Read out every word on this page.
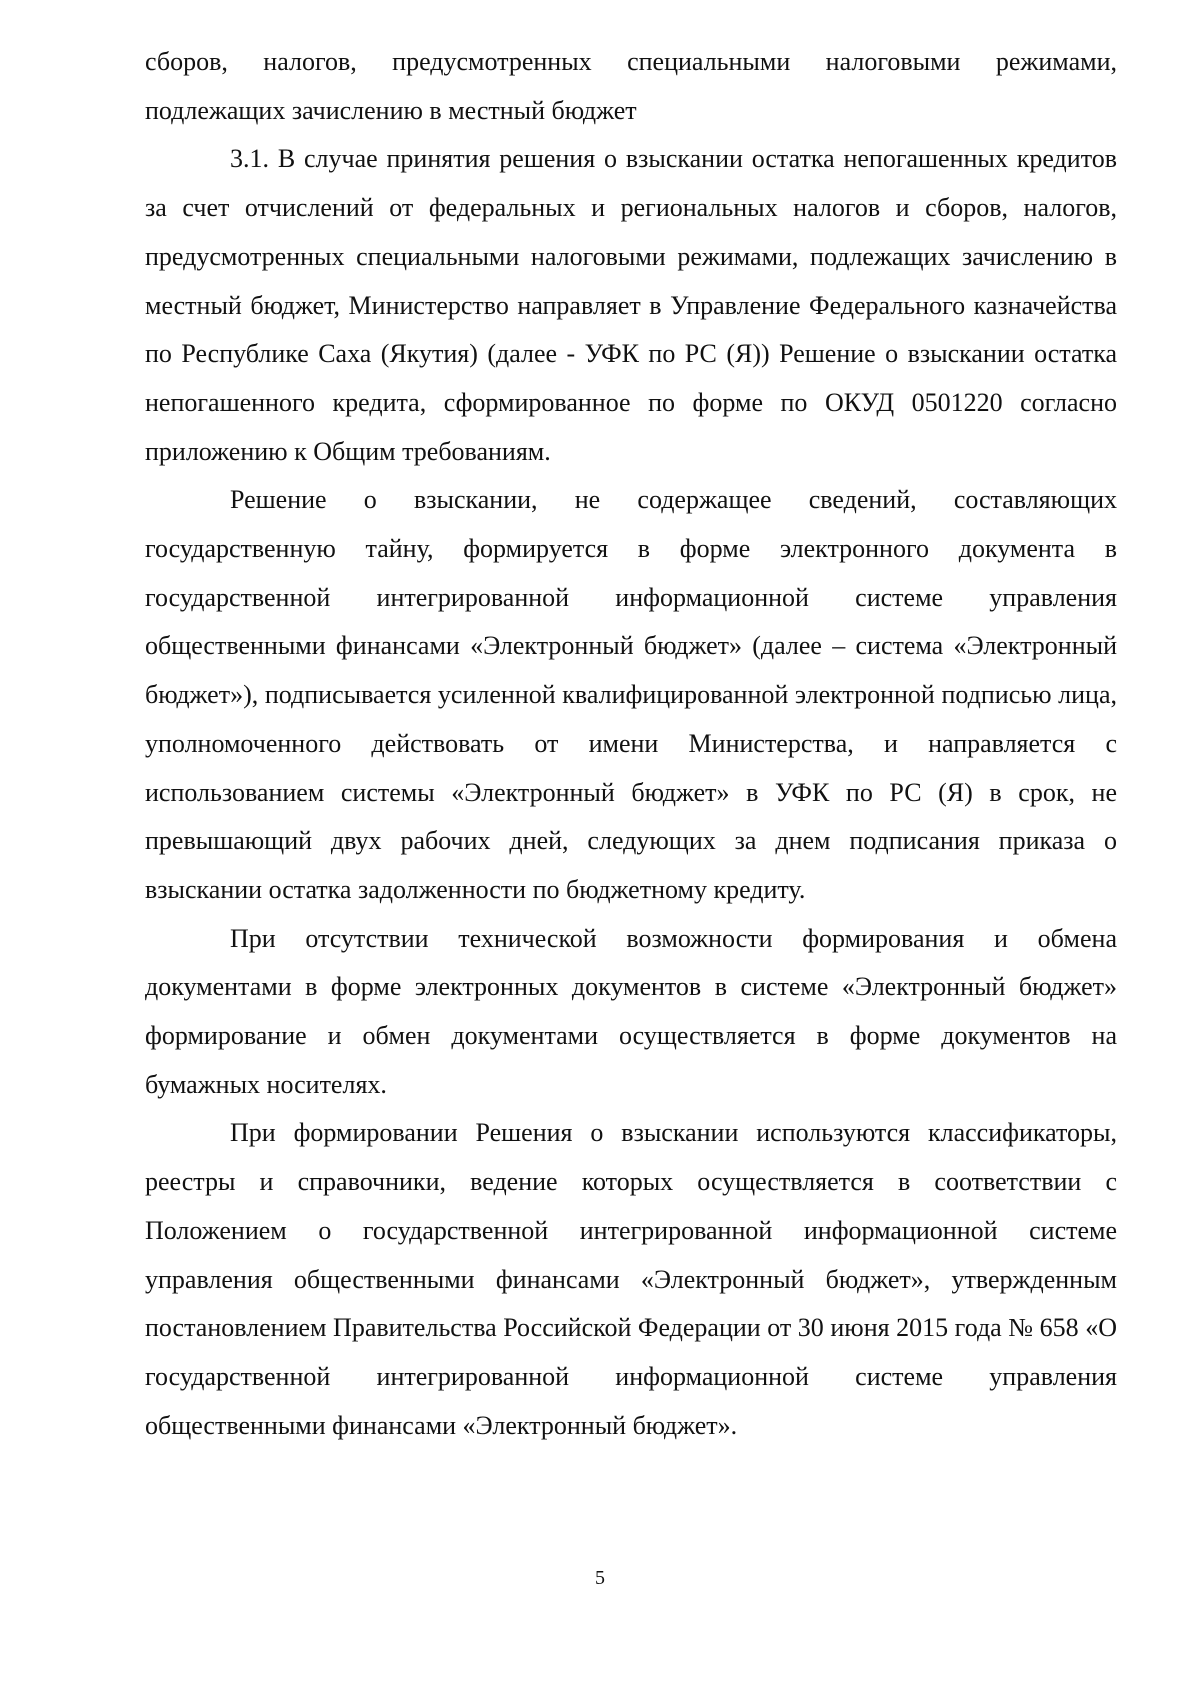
сборов, налогов, предусмотренных специальными налоговыми режимами, подлежащих зачислению в местный бюджет

3.1. В случае принятия решения о взыскании остатка непогашенных кредитов за счет отчислений от федеральных и региональных налогов и сборов, налогов, предусмотренных специальными налоговыми режимами, подлежащих зачислению в местный бюджет, Министерство направляет в Управление Федерального казначейства по Республике Саха (Якутия) (далее - УФК по РС (Я)) Решение о взыскании остатка непогашенного кредита, сформированное по форме по ОКУД 0501220 согласно приложению к Общим требованиям.

Решение о взыскании, не содержащее сведений, составляющих государственную тайну, формируется в форме электронного документа в государственной интегрированной информационной системе управления общественными финансами «Электронный бюджет» (далее – система «Электронный бюджет»), подписывается усиленной квалифицированной электронной подписью лица, уполномоченного действовать от имени Министерства, и направляется с использованием системы «Электронный бюджет» в УФК по РС (Я) в срок, не превышающий двух рабочих дней, следующих за днем подписания приказа о взыскании остатка задолженности по бюджетному кредиту.

При отсутствии технической возможности формирования и обмена документами в форме электронных документов в системе «Электронный бюджет» формирование и обмен документами осуществляется в форме документов на бумажных носителях.

При формировании Решения о взыскании используются классификаторы, реестры и справочники, ведение которых осуществляется в соответствии с Положением о государственной интегрированной информационной системе управления общественными финансами «Электронный бюджет», утвержденным постановлением Правительства Российской Федерации от 30 июня 2015 года № 658 «О государственной интегрированной информационной системе управления общественными финансами «Электронный бюджет».

5
